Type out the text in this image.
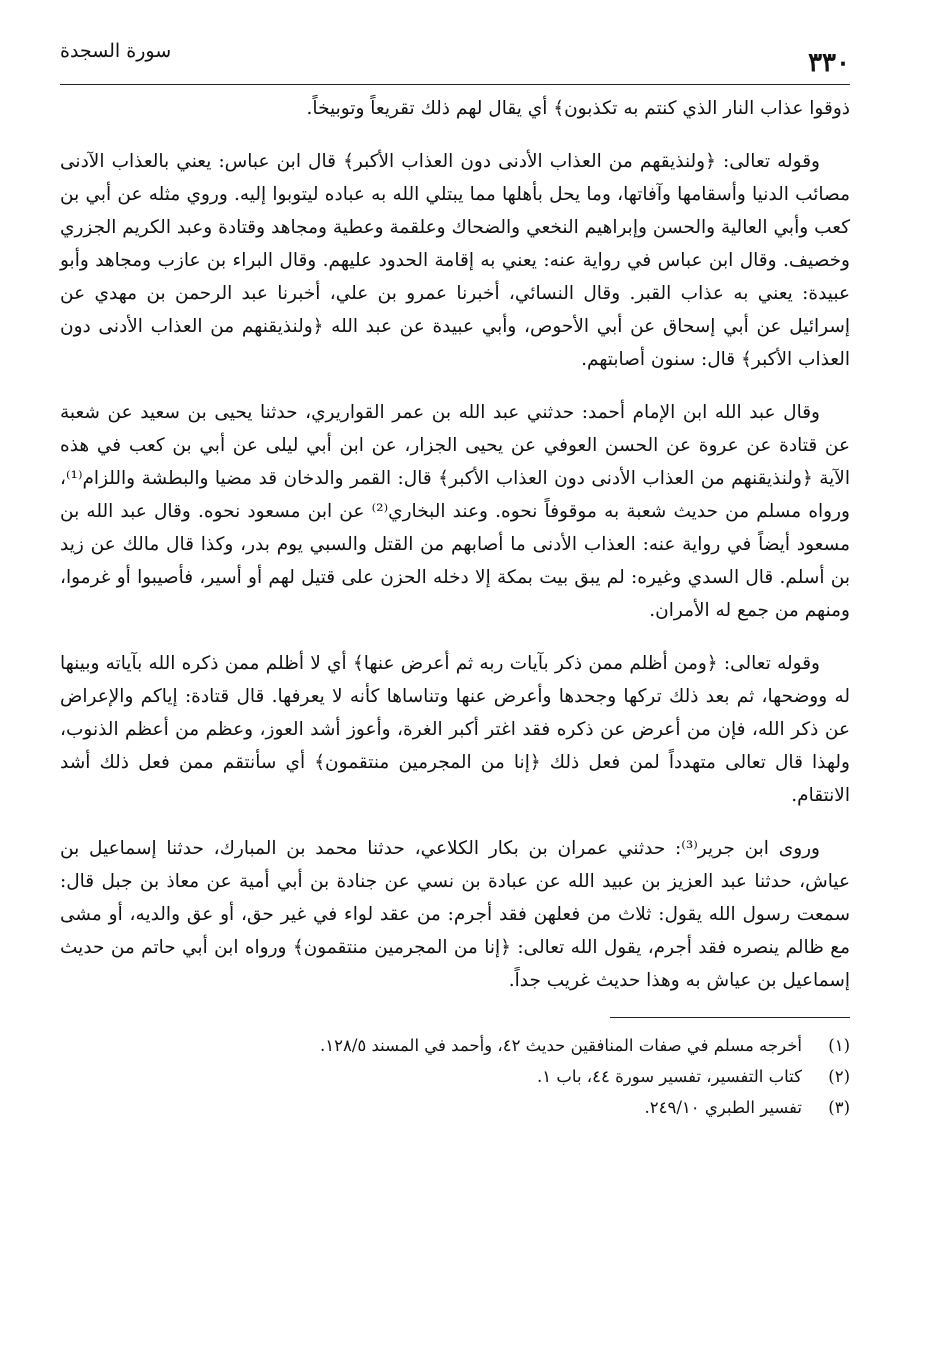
٣٣٠
سورة السجدة

ذوقوا عذاب النار الذي كنتم به تكذبون﴾ أي يقال لهم ذلك تقريعاً وتوبيخاً.

وقوله تعالى: ﴿ولنذيقهم من العذاب الأدنى دون العذاب الأكبر﴾ قال ابن عباس: يعني بالعذاب الآدنى مصائب الدنيا وأسقامها وآفاتها، وما يحل بأهلها مما يبتلي الله به عباده ليتوبوا إليه. وروي مثله عن أبي بن كعب وأبي العالية والحسن وإبراهيم النخعي والضحاك وعلقمة وعطية ومجاهد وقتادة وعبد الكريم الجزري وخصيف. وقال ابن عباس في رواية عنه: يعني به إقامة الحدود عليهم. وقال البراء بن عازب ومجاهد وأبو عبيدة: يعني به عذاب القبر. وقال النسائي، أخبرنا عمرو بن علي، أخبرنا عبد الرحمن بن مهدي عن إسرائيل عن أبي إسحاق عن أبي الأحوص، وأبي عبيدة عن عبد الله ﴿ولنذيقنهم من العذاب الأدنى دون العذاب الأكبر﴾ قال: سنون أصابتهم.

وقال عبد الله ابن الإمام أحمد: حدثني عبد الله بن عمر القواريري، حدثنا يحيى بن سعيد عن شعبة عن قتادة عن عروة عن الحسن العوفي عن يحيى الجزار، عن ابن أبي ليلى عن أبي بن كعب في هذه الآية ﴿ولنذيقنهم من العذاب الأدنى دون العذاب الأكبر﴾ قال: القمر والدخان قد مضيا والبطشة واللزام⁽¹⁾، ورواه مسلم من حديث شعبة به موقوفاً نحوه. وعند البخاري⁽²⁾ عن ابن مسعود نحوه. وقال عبد الله بن مسعود أيضاً في رواية عنه: العذاب الأدنى ما أصابهم من القتل والسبي يوم بدر، وكذا قال مالك عن زيد بن أسلم. قال السدي وغيره: لم يبق بيت بمكة إلا دخله الحزن على قتيل لهم أو أسير، فأصيبوا أو غرموا، ومنهم من جمع له الأمران.

وقوله تعالى: ﴿ومن أظلم ممن ذكر بآيات ربه ثم أعرض عنها﴾ أي لا أظلم ممن ذكره الله بآياته وبينها له ووضحها، ثم بعد ذلك تركها وجحدها وأعرض عنها وتناساها كأنه لا يعرفها. قال قتادة: إياكم والإعراض عن ذكر الله، فإن من أعرض عن ذكره فقد اغتر أكبر الغرة، وأعوز أشد العوز، وعظم من أعظم الذنوب، ولهذا قال تعالى متهدداً لمن فعل ذلك ﴿إنا من المجرمين منتقمون﴾ أي سأنتقم ممن فعل ذلك أشد الانتقام.

وروى ابن جرير⁽³⁾: حدثني عمران بن بكار الكلاعي، حدثنا محمد بن المبارك، حدثنا إسماعيل بن عياش، حدثنا عبد العزيز بن عبيد الله عن عبادة بن نسي عن جنادة بن أبي أمية عن معاذ بن جبل قال: سمعت رسول الله يقول: ثلاث من فعلهن فقد أجرم: من عقد لواء في غير حق، أو عق والديه، أو مشى مع ظالم ينصره فقد أجرم، يقول الله تعالى: ﴿إنا من المجرمين منتقمون﴾ ورواه ابن أبي حاتم من حديث إسماعيل بن عياش به وهذا حديث غريب جداً.

(١)أخرجه مسلم في صفات المنافقين حديث ٤٢، وأحمد في المسند ١٢٨/٥.
(٢)كتاب التفسير، تفسير سورة ٤٤، باب ١.
(٣)تفسير الطبري ٢٤٩/١٠.
